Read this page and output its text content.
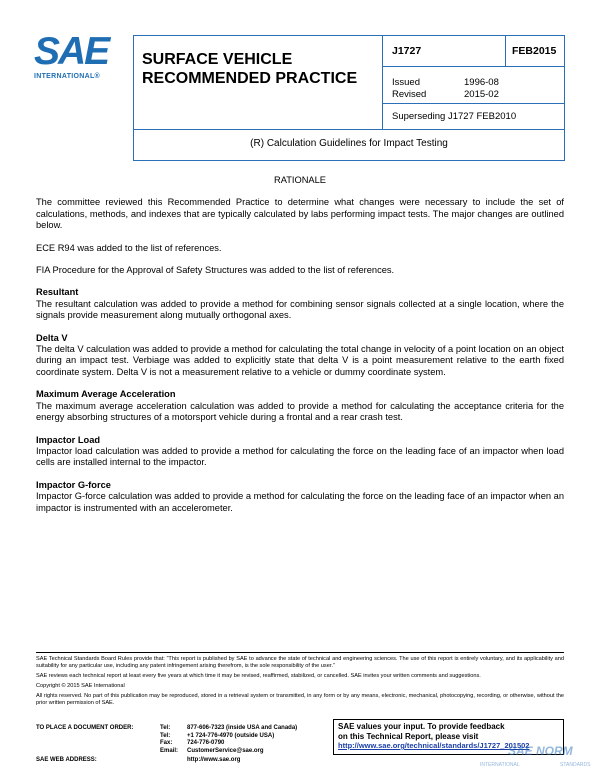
SAE
INTERNATIONAL®
SURFACE VEHICLE
RECOMMENDED PRACTICE
J1727	FEB2015
Issued	1996-08
Revised	2015-02
Superseding J1727 FEB2010
(R) Calculation Guidelines for Impact Testing
RATIONALE

The committee reviewed this Recommended Practice to determine what changes were necessary to include the set of calculations, methods, and indexes that are typically calculated by labs performing impact tests. The major changes are outlined below.

ECE R94 was added to the list of references.

FIA Procedure for the Approval of Safety Structures was added to the list of references.

Resultant

The resultant calculation was added to provide a method for combining sensor signals collected at a single location, where the signals provide measurement along mutually orthogonal axes.

Delta V

The delta V calculation was added to provide a method for calculating the total change in velocity of a point location on an object during an impact test. Verbiage was added to explicitly state that delta V is a point measurement relative to the earth fixed coordinate system. Delta V is not a measurement relative to a vehicle or dummy coordinate system.

Maximum Average Acceleration

The maximum average acceleration calculation was added to provide a method for calculating the acceptance criteria for the energy absorbing structures of a motorsport vehicle during a frontal and a rear crash test.

Impactor Load

Impactor load calculation was added to provide a method for calculating the force on the leading face of an impactor when load cells are installed internal to the impactor.

Impactor G-force

Impactor G-force calculation was added to provide a method for calculating the force on the leading face of an impactor when an impactor is instrumented with an accelerometer.

SAE Technical Standards Board Rules provide that: “This report is published by SAE to advance the state of technical and engineering sciences. The use of this report is entirely voluntary, and its applicability and suitability for any particular use, including any patent infringement arising therefrom, is the sole responsibility of the user.”

SAE reviews each technical report at least every five years at which time it may be revised, reaffirmed, stabilized, or cancelled. SAE invites your written comments and suggestions.

Copyright © 2015 SAE International

All rights reserved. No part of this publication may be reproduced, stored in a retrieval system or transmitted, in any form or by any means, electronic, mechanical, photocopying, recording, or otherwise, without the prior written permission of SAE.

TO PLACE A DOCUMENT ORDER:	Tel:	877-606-7323 (inside USA and Canada)
Tel:	+1 724-776-4970 (outside USA)
Fax: 724-776-0790
Email: CustomerService@sae.org
SAE WEB ADDRESS:	http://www.sae.org
SAE values your input. To provide feedback
on this Technical Report, please visit
http://www.sae.org/technical/standards/J1727_201502
SAE NORM
INTERNATIONAL	STANDARDS
